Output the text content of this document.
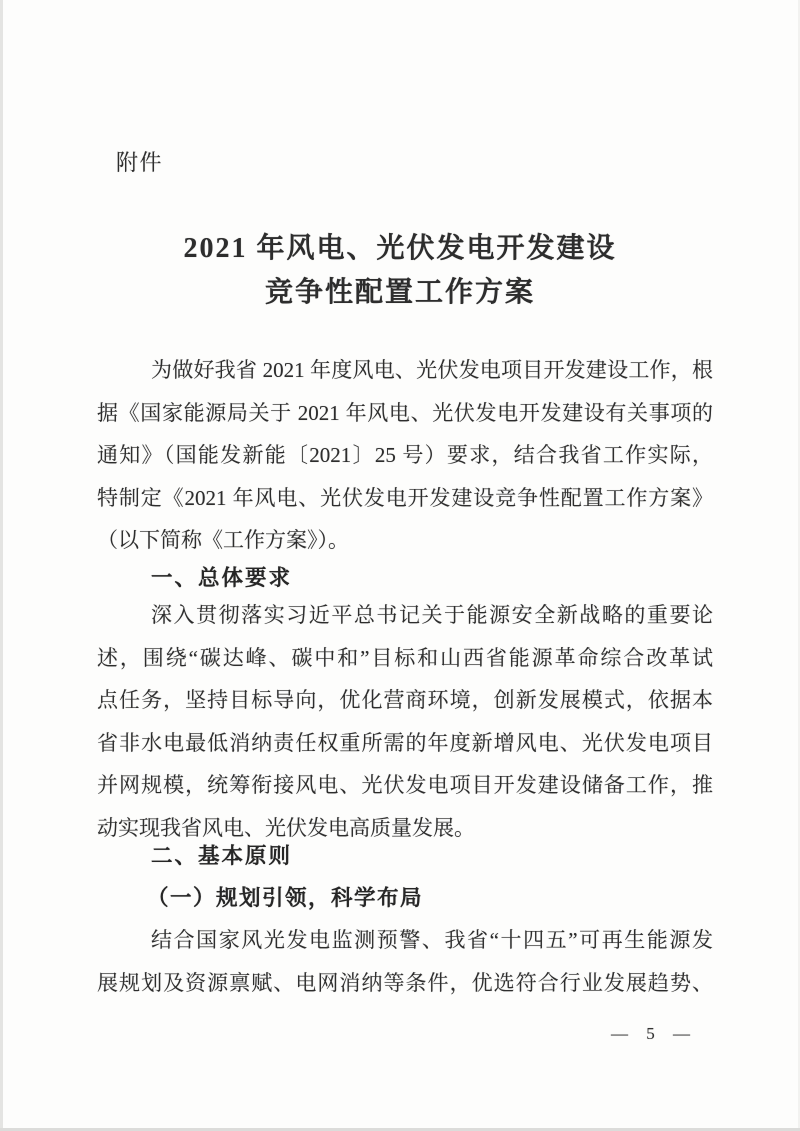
附件
2021 年风电、光伏发电开发建设
竞争性配置工作方案
为做好我省 2021 年度风电、光伏发电项目开发建设工作，根
据《国家能源局关于 2021 年风电、光伏发电开发建设有关事项的
通知》（国能发新能〔2021〕25 号）要求，结合我省工作实际，
特制定《2021 年风电、光伏发电开发建设竞争性配置工作方案》
（以下简称《工作方案》）。
一、总体要求
深入贯彻落实习近平总书记关于能源安全新战略的重要论
述，围绕“碳达峰、碳中和”目标和山西省能源革命综合改革试
点任务，坚持目标导向，优化营商环境，创新发展模式，依据本
省非水电最低消纳责任权重所需的年度新增风电、光伏发电项目
并网规模，统筹衔接风电、光伏发电项目开发建设储备工作，推
动实现我省风电、光伏发电高质量发展。
二、基本原则
（一）规划引领，科学布局
结合国家风光发电监测预警、我省“十四五”可再生能源发
展规划及资源禀赋、电网消纳等条件，优选符合行业发展趋势、
— 5 —
